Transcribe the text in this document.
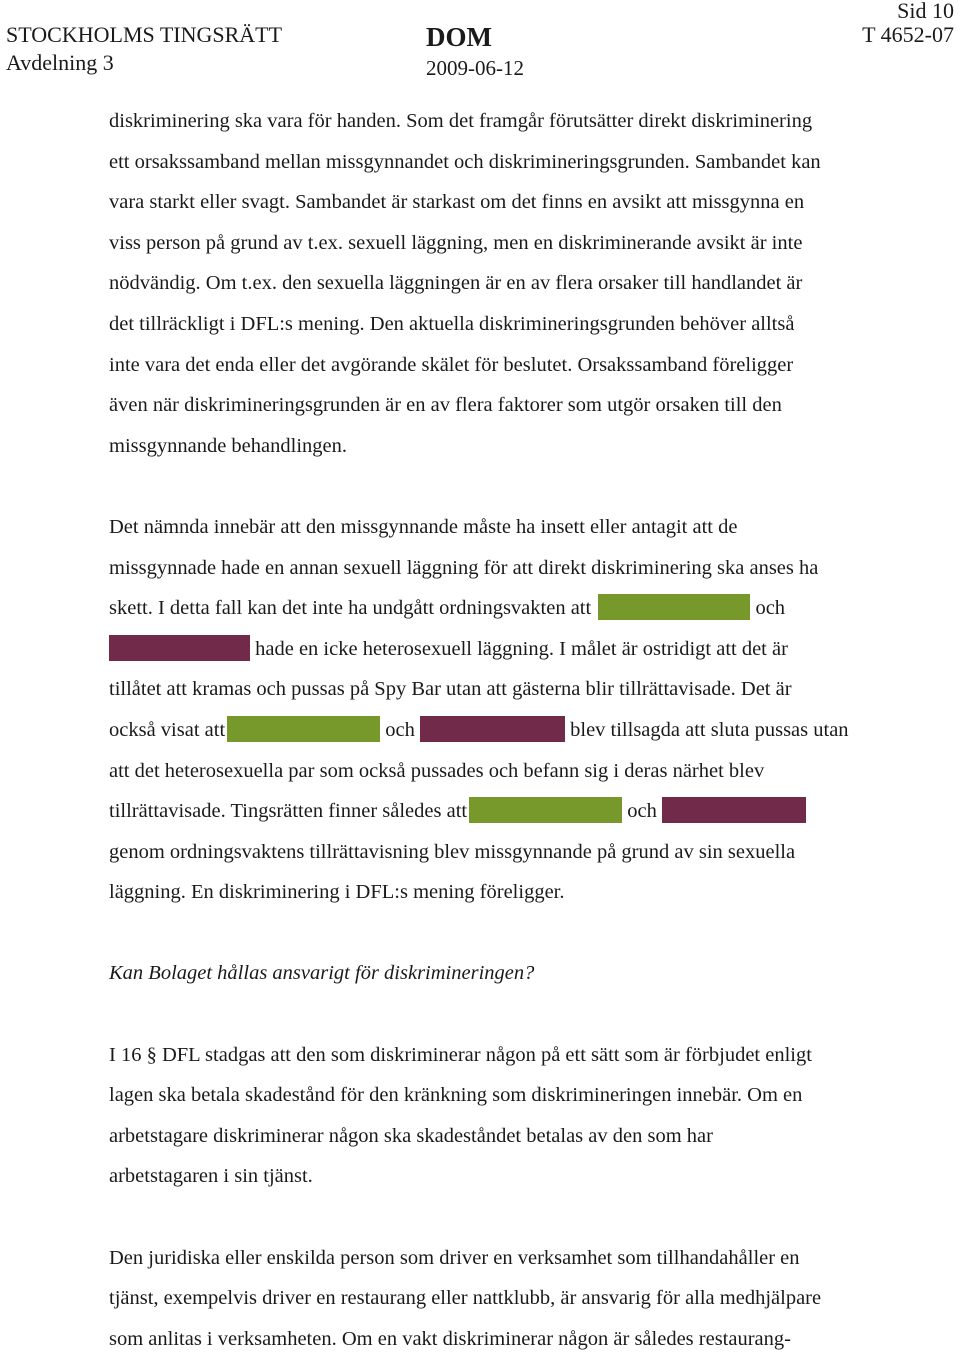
STOCKHOLMS TINGSRÄTT
Avdelning 3
DOM
2009-06-12
Sid 10
T 4652-07
diskriminering ska vara för handen. Som det framgår förutsätter direkt diskriminering
ett orsakssamband mellan missgynnandet och diskrimineringsgrunden. Sambandet kan
vara starkt eller svagt. Sambandet är starkast om det finns en avsikt att missgynna en
viss person på grund av t.ex. sexuell läggning, men en diskriminerande avsikt är inte
nödvändig. Om t.ex. den sexuella läggningen är en av flera orsaker till handlandet är
det tillräckligt i DFL:s mening. Den aktuella diskrimineringsgrunden behöver alltså
inte vara det enda eller det avgörande skälet för beslutet. Orsakssamband föreligger
även när diskrimineringsgrunden är en av flera faktorer som utgör orsaken till den
missgynnande behandlingen.
Det nämnda innebär att den missgynnande måste ha insett eller antagit att de
missgynnade hade en annan sexuell läggning för att direkt diskriminering ska anses ha
skett. I detta fall kan det inte ha undgått ordningsvakten att	och
hade en icke heterosexuell läggning. I målet är ostridigt att det är
tillåtet att kramas och pussas på Spy Bar utan att gästerna blir tillrättavisade. Det är
också visat att	och	blev tillsagda att sluta pussas utan
att det heterosexuella par som också pussades och befann sig i deras närhet blev
tillrättavisade. Tingsrätten finner således att	och
genom ordningsvaktens tillrättavisning blev missgynnande på grund av sin sexuella
läggning. En diskriminering i DFL:s mening föreligger.
Kan Bolaget hållas ansvarigt för diskrimineringen?
I 16 § DFL stadgas att den som diskriminerar någon på ett sätt som är förbjudet enligt
lagen ska betala skadestånd för den kränkning som diskrimineringen innebär. Om en
arbetstagare diskriminerar någon ska skadeståndet betalas av den som har
arbetstagaren i sin tjänst.
Den juridiska eller enskilda person som driver en verksamhet som tillhandahåller en
tjänst, exempelvis driver en restaurang eller nattklubb, är ansvarig för alla medhjälpare
som anlitas i verksamheten. Om en vakt diskriminerar någon är således restaurang-
